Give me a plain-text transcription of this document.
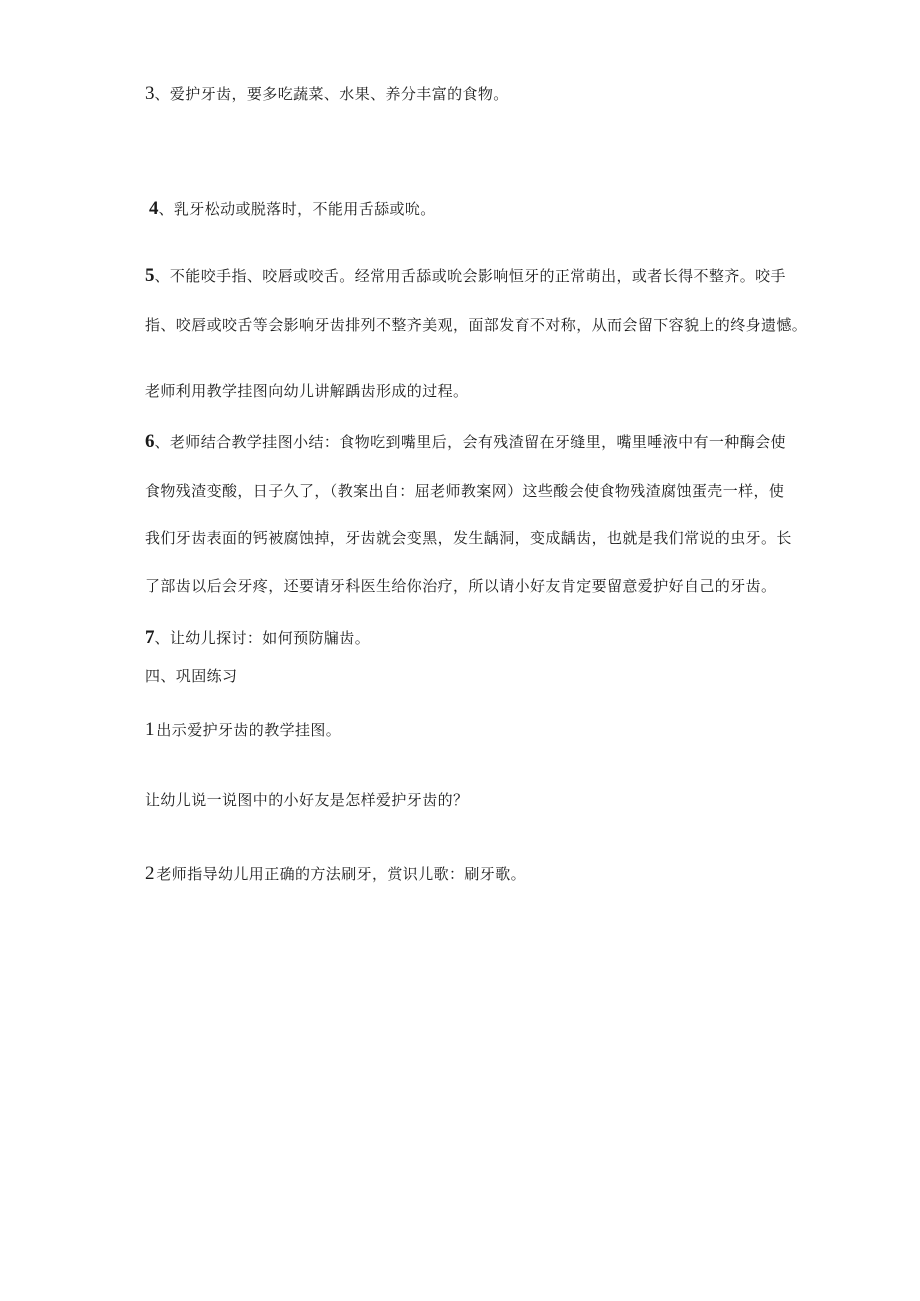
3、爱护牙齿，要多吃蔬菜、水果、养分丰富的食物。
4、乳牙松动或脱落时，不能用舌舔或吮。
5、不能咬手指、咬唇或咬舌。经常用舌舔或吮会影响恒牙的正常萌出，或者长得不整齐。咬手
指、咬唇或咬舌等会影响牙齿排列不整齐美观，面部发育不对称，从而会留下容貌上的终身遗憾。
老师利用教学挂图向幼儿讲解踽齿形成的过程。
6、老师结合教学挂图小结：食物吃到嘴里后，会有残渣留在牙缝里，嘴里唾液中有一种酶会使
食物残渣变酸，日子久了，（教案出自：屈老师教案网）这些酸会使食物残渣腐蚀蛋壳一样，使
我们牙齿表面的钙被腐蚀掉，牙齿就会变黑，发生龋洞，变成龋齿，也就是我们常说的虫牙。长
了部齿以后会牙疼，还要请牙科医生给你治疗，所以请小好友肯定要留意爱护好自己的牙齿。
7、让幼儿探讨：如何预防牖齿。
四、巩固练习
1  出示爱护牙齿的教学挂图。
让幼儿说一说图中的小好友是怎样爱护牙齿的？
2  老师指导幼儿用正确的方法刷牙，赏识儿歌：刷牙歌。
